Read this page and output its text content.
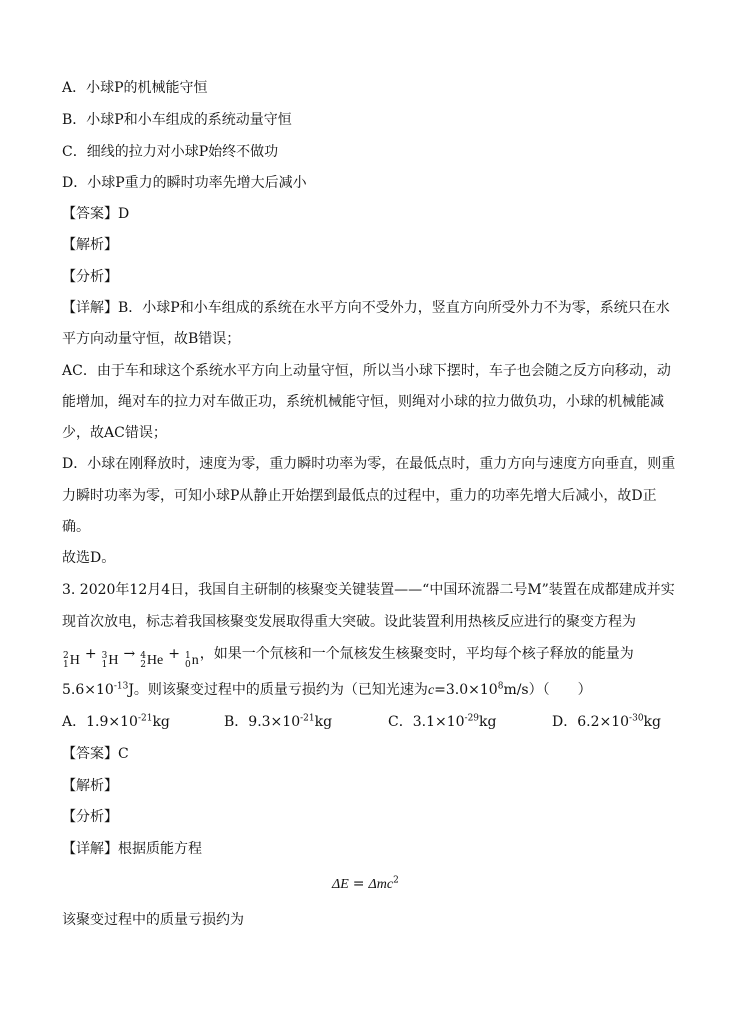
A．小球P的机械能守恒
B．小球P和小车组成的系统动量守恒
C．细线的拉力对小球P始终不做功
D．小球P重力的瞬时功率先增大后减小
【答案】D
【解析】
【分析】
【详解】B．小球P和小车组成的系统在水平方向不受外力，竖直方向所受外力不为零，系统只在水
平方向动量守恒，故B错误；
AC．由于车和球这个系统水平方向上动量守恒，所以当小球下摆时，车子也会随之反方向移动，动
能增加，绳对车的拉力对车做正功，系统机械能守恒，则绳对小球的拉力做负功，小球的机械能减
少，故AC错误；
D．小球在刚释放时，速度为零，重力瞬时功率为零，在最低点时，重力方向与速度方向垂直，则重
力瞬时功率为零，可知小球P从静止开始摆到最低点的过程中，重力的功率先增大后减小，故D正
确。
故选D。
3. 2020年12月4日，我国自主研制的核聚变关键装置——“中国环流器二号M”装置在成都建成并实
现首次放电，标志着我国核聚变发展取得重大突破。设此装置利用热核反应进行的聚变方程为
2
1 H + 3
1 H → 4
2 He + 1
0 n ，如果一个氘核和一个氚核发生核聚变时，平均每个核子释放的能量为
$5.6\times 10^{-13}J$。则该聚变过程中的质量亏损约为（已知光速为$c=3.0\times 10^8m/s$）（　　）
A．$1.9\times 10^{-21}kg$	B．$9.3\times 10^{-21}kg$	C．$3.1\times 10^{-29}kg$	D．$6.2\times 10^{-30}kg$
【答案】C
【解析】
【分析】
【详解】根据质能方程
ΔE = Δmc$^2$
该聚变过程中的质量亏损约为
